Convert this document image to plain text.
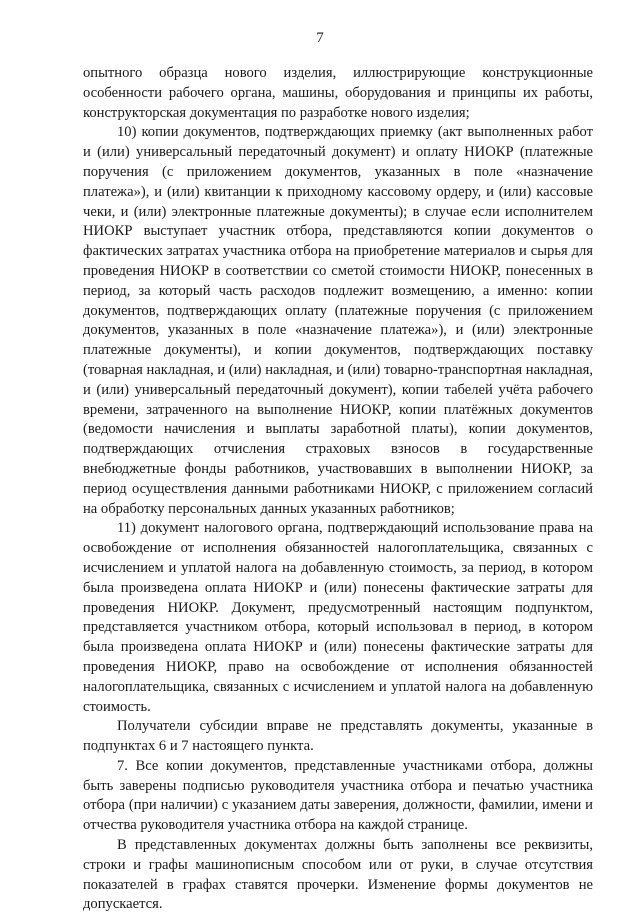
7

опытного образца нового изделия, иллюстрирующие конструкционные особенности рабочего органа, машины, оборудования и принципы их работы, конструкторская документация по разработке нового изделия;

10) копии документов, подтверждающих приемку (акт выполненных работ и (или) универсальный передаточный документ) и оплату НИОКР (платежные поручения (с приложением документов, указанных в поле «назначение платежа»), и (или) квитанции к приходному кассовому ордеру, и (или) кассовые чеки, и (или) электронные платежные документы); в случае если исполнителем НИОКР выступает участник отбора, представляются копии документов о фактических затратах участника отбора на приобретение материалов и сырья для проведения НИОКР в соответствии со сметой стоимости НИОКР, понесенных в период, за который часть расходов подлежит возмещению, а именно: копии документов, подтверждающих оплату (платежные поручения (с приложением документов, указанных в поле «назначение платежа»), и (или) электронные платежные документы), и копии документов, подтверждающих поставку (товарная накладная, и (или) накладная, и (или) товарно-транспортная накладная, и (или) универсальный передаточный документ), копии табелей учёта рабочего времени, затраченного на выполнение НИОКР, копии платёжных документов (ведомости начисления и выплаты заработной платы), копии документов, подтверждающих отчисления страховых взносов в государственные внебюджетные фонды работников, участвовавших в выполнении НИОКР, за период осуществления данными работниками НИОКР, с приложением согласий на обработку персональных данных указанных работников;

11) документ налогового органа, подтверждающий использование права на освобождение от исполнения обязанностей налогоплательщика, связанных с исчислением и уплатой налога на добавленную стоимость, за период, в котором была произведена оплата НИОКР и (или) понесены фактические затраты для проведения НИОКР. Документ, предусмотренный настоящим подпунктом, представляется участником отбора, который использовал в период, в котором была произведена оплата НИОКР и (или) понесены фактические затраты для проведения НИОКР, право на освобождение от исполнения обязанностей налогоплательщика, связанных с исчислением и уплатой налога на добавленную стоимость.

Получатели субсидии вправе не представлять документы, указанные в подпунктах 6 и 7 настоящего пункта.

7. Все копии документов, представленные участниками отбора, должны быть заверены подписью руководителя участника отбора и печатью участника отбора (при наличии) с указанием даты заверения, должности, фамилии, имени и отчества руководителя участника отбора на каждой странице.

В представленных документах должны быть заполнены все реквизиты, строки и графы машинописным способом или от руки, в случае отсутствия показателей в графах ставятся прочерки. Изменение формы документов не допускается.
